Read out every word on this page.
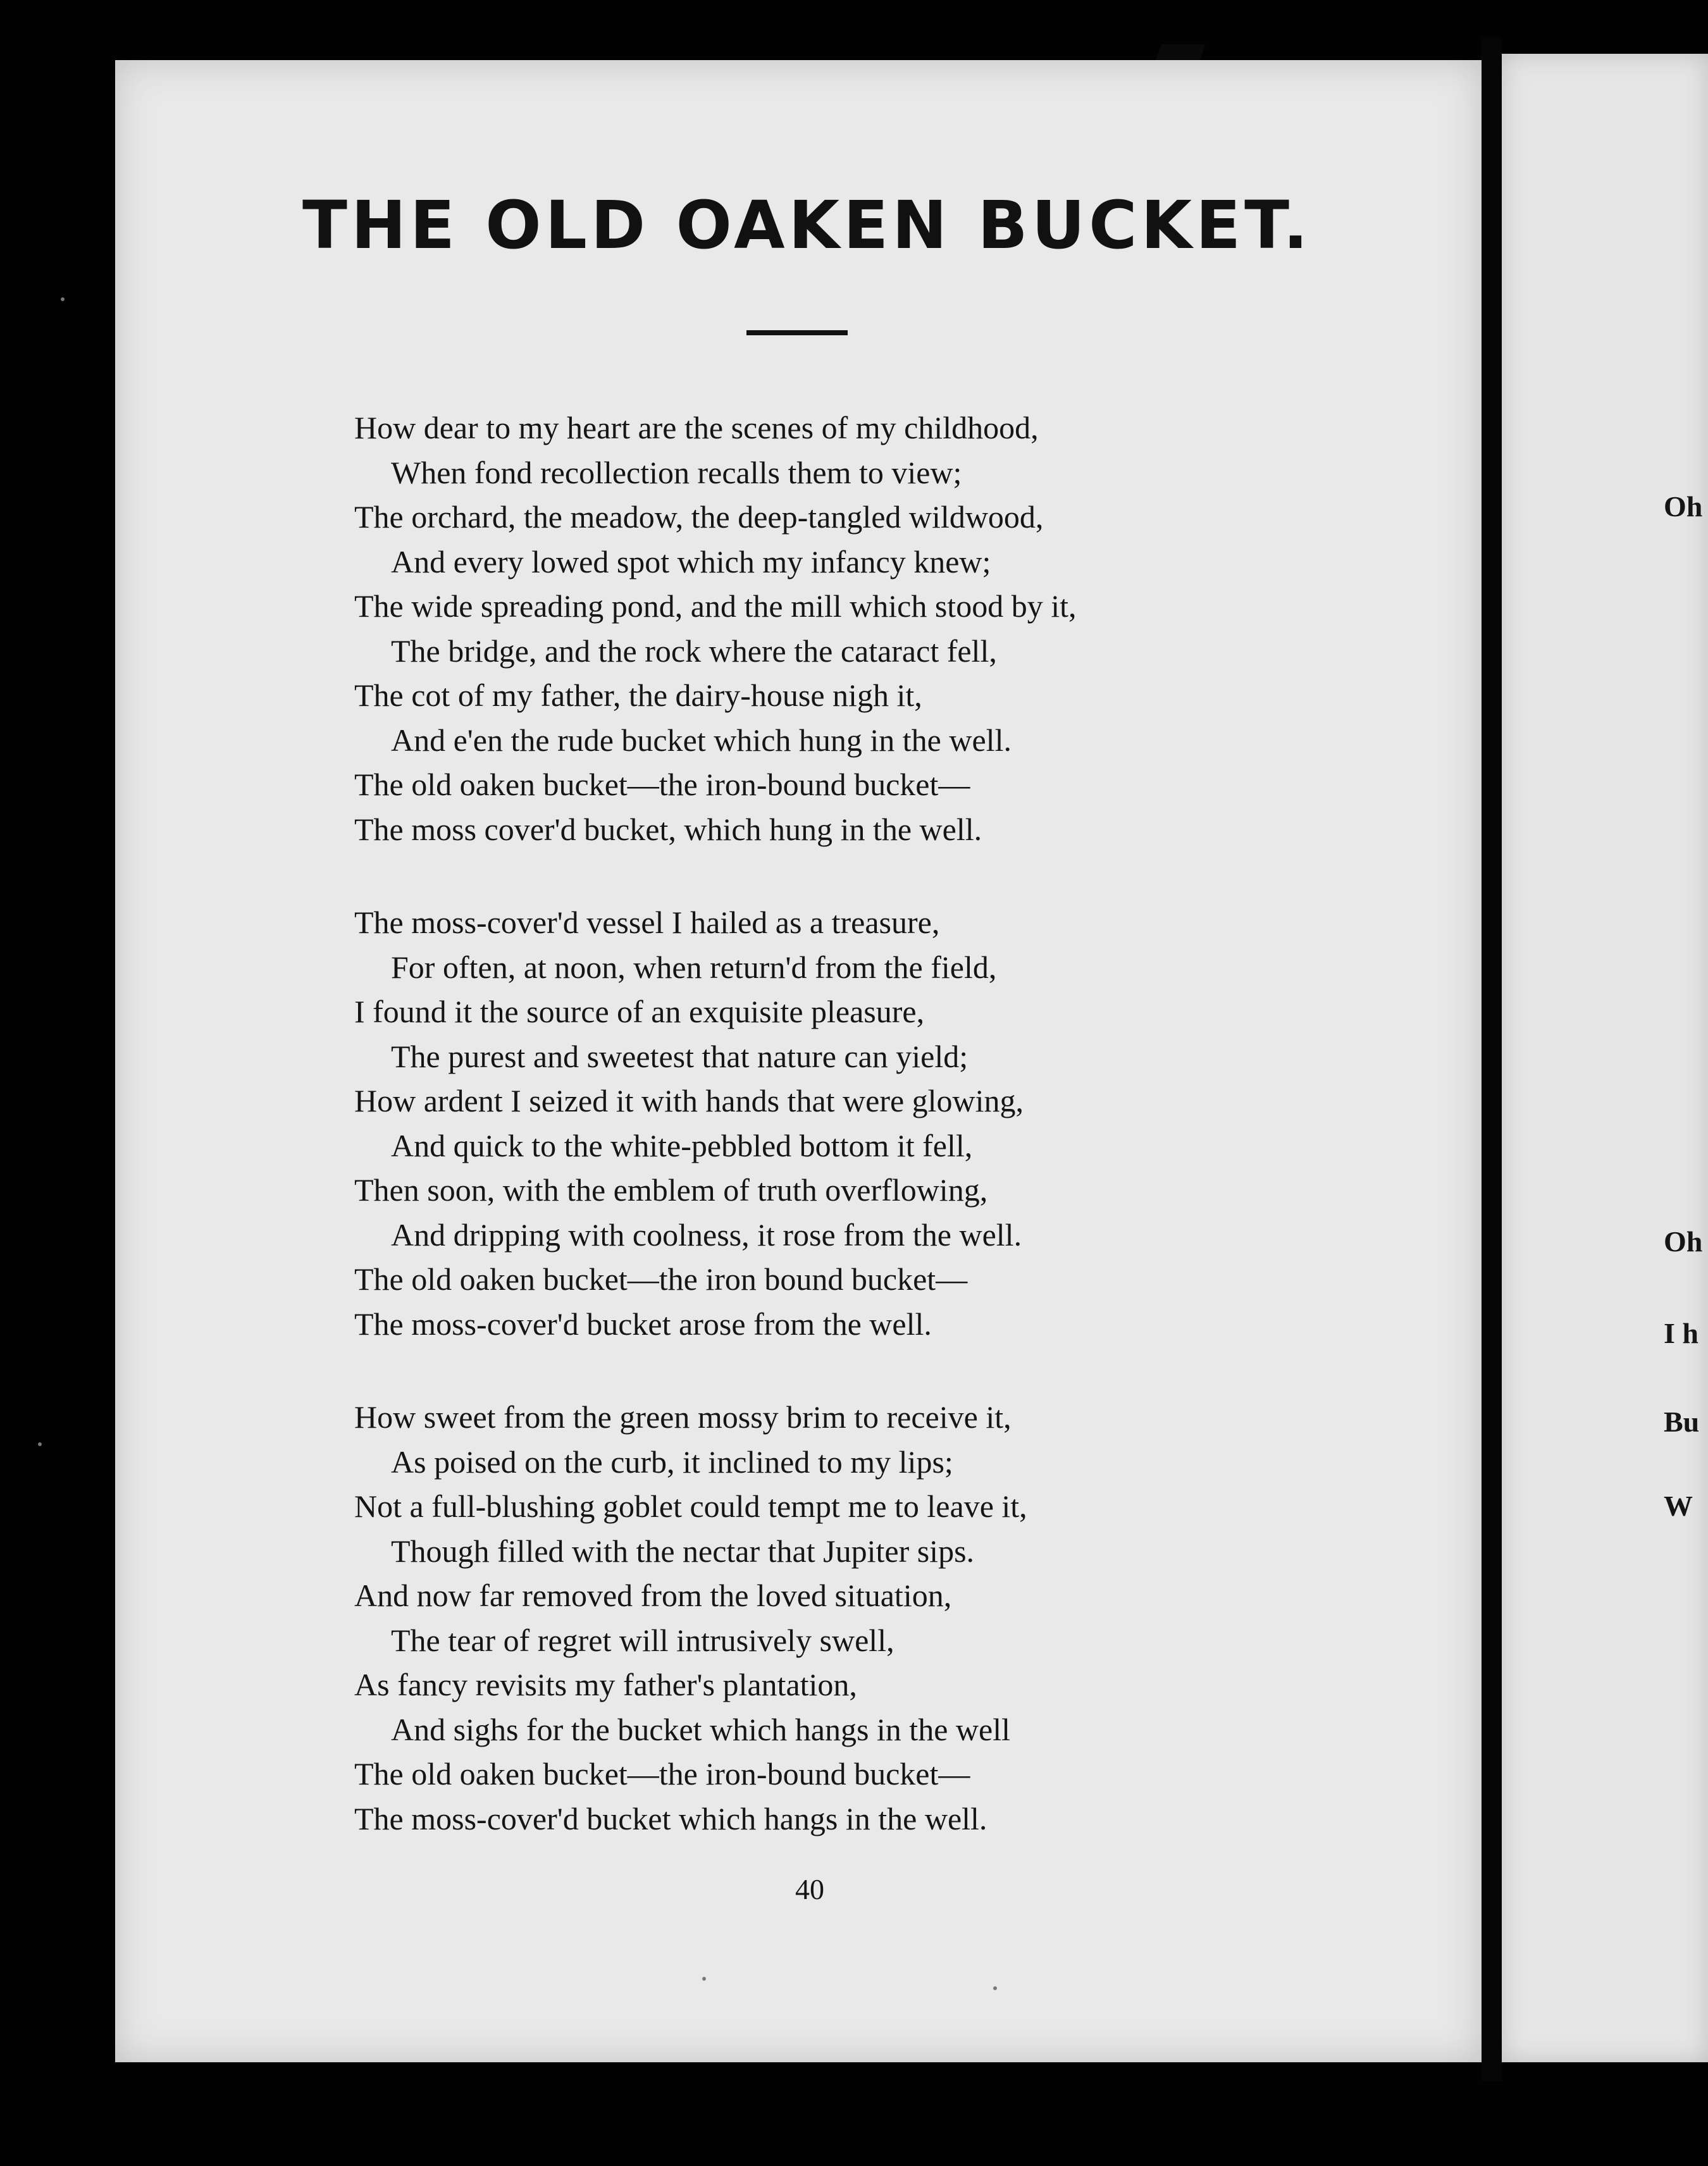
THE OLD OAKEN BUCKET.
How dear to my heart are the scenes of my childhood,
When fond recollection recalls them to view;
The orchard, the meadow, the deep-tangled wildwood,
And every lowed spot which my infancy knew;
The wide spreading pond, and the mill which stood by it,
The bridge, and the rock where the cataract fell,
The cot of my father, the dairy-house nigh it,
And e'en the rude bucket which hung in the well.
The old oaken bucket—the iron-bound bucket—
The moss cover'd bucket, which hung in the well.
The moss-cover'd vessel I hailed as a treasure,
For often, at noon, when return'd from the field,
I found it the source of an exquisite pleasure,
The purest and sweetest that nature can yield;
How ardent I seized it with hands that were glowing,
And quick to the white-pebbled bottom it fell,
Then soon, with the emblem of truth overflowing,
And dripping with coolness, it rose from the well.
The old oaken bucket—the iron bound bucket—
The moss-cover'd bucket arose from the well.
How sweet from the green mossy brim to receive it,
As poised on the curb, it inclined to my lips;
Not a full-blushing goblet could tempt me to leave it,
Though filled with the nectar that Jupiter sips.
And now far removed from the loved situation,
The tear of regret will intrusively swell,
As fancy revisits my father's plantation,
And sighs for the bucket which hangs in the well
The old oaken bucket—the iron-bound bucket—
The moss-cover'd bucket which hangs in the well.
40
Oh
Oh
I h
Bu
W
